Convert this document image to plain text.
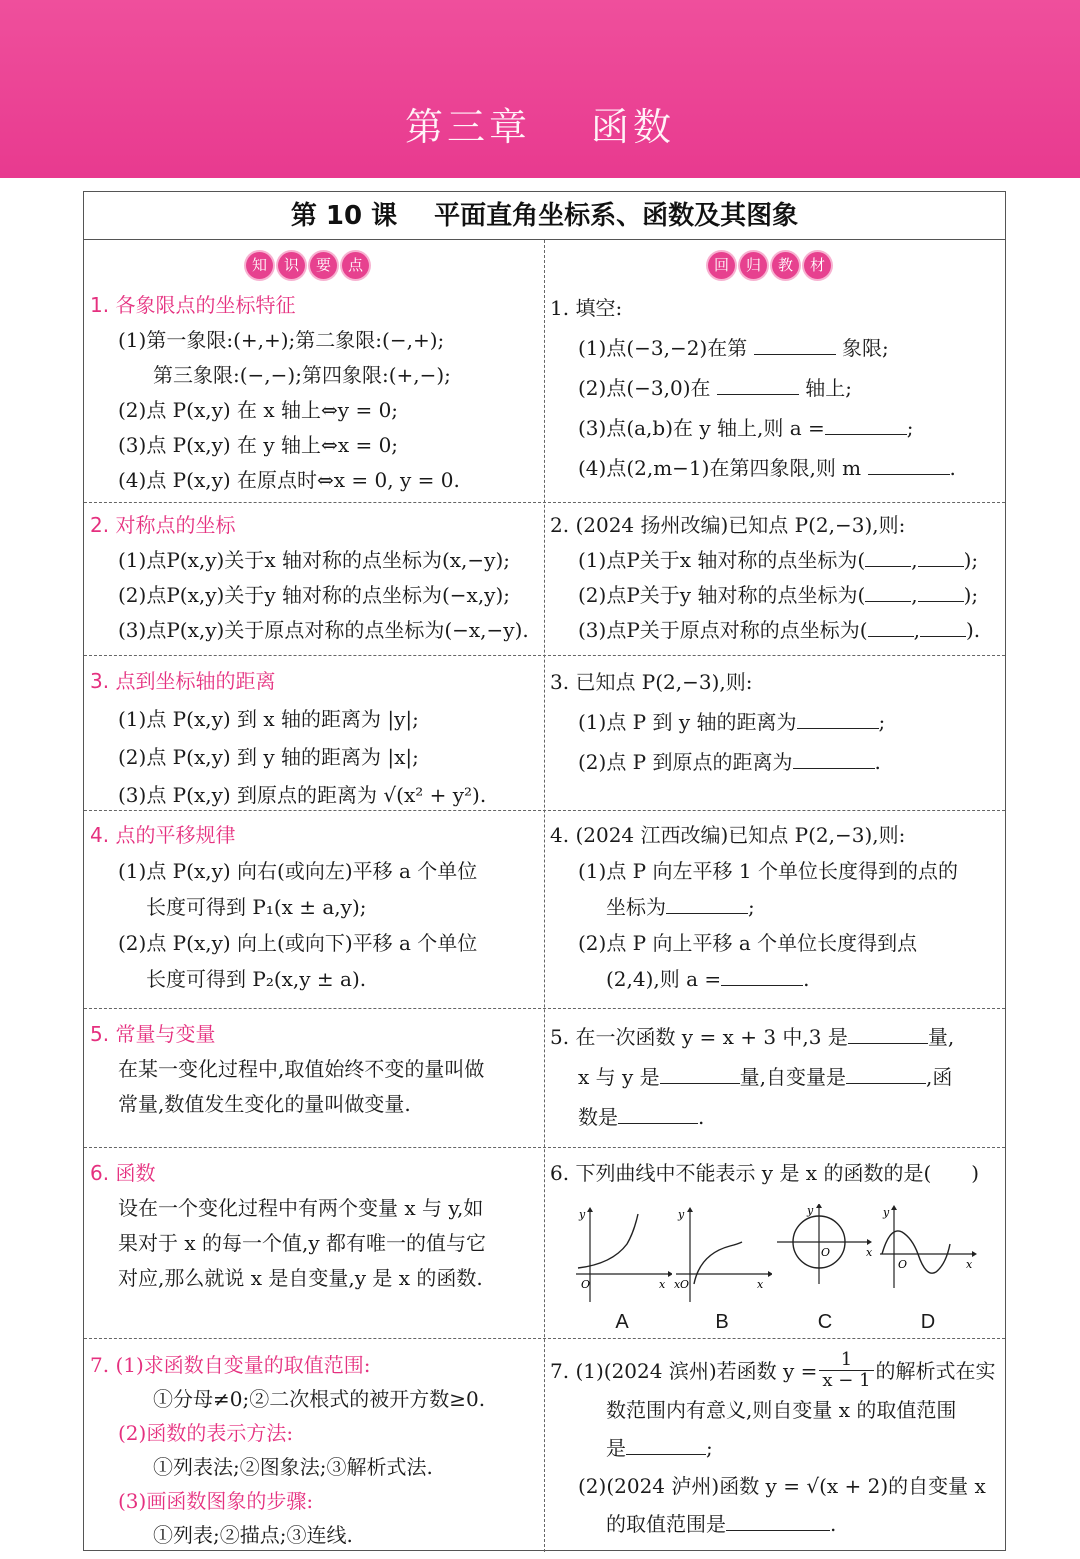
第三章 函数
第 10 课 平面直角坐标系、函数及其图象
知	识	要	点	回	归	教	材
1. 各象限点的坐标特征
(1)第一象限:(+,+);第二象限:(−,+);
第三象限:(−,−);第四象限:(+,−);
(2)点 P(x,y) 在 x 轴上⇔y = 0;
(3)点 P(x,y) 在 y 轴上⇔x = 0;
(4)点 P(x,y) 在原点时⇔x = 0, y = 0.
1. 填空:
(1)点(−3,−2)在第	象限;
(2)点(−3,0)在	轴上;
(3)点(a,b)在 y 轴上,则 a =	;
(4)点(2,m−1)在第四象限,则 m	.
2. 对称点的坐标
(1)点P(x,y)关于x 轴对称的点坐标为(x,−y);
(2)点P(x,y)关于y 轴对称的点坐标为(−x,y);
(3)点P(x,y)关于原点对称的点坐标为(−x,−y).
2. (2024 扬州改编)已知点 P(2,−3),则:
(1)点P关于x 轴对称的点坐标为( , );
(2)点P关于y 轴对称的点坐标为( , );
(3)点P关于原点对称的点坐标为( , ).
3. 点到坐标轴的距离
(1)点 P(x,y) 到 x 轴的距离为 |y|;
(2)点 P(x,y) 到 y 轴的距离为 |x|;
(3)点 P(x,y) 到原点的距离为 √(x² + y²).
3. 已知点 P(2,−3),则:
(1)点 P 到 y 轴的距离为	;
(2)点 P 到原点的距离为	.
4. 点的平移规律
(1)点 P(x,y) 向右(或向左)平移 a 个单位
长度可得到 P₁(x ± a,y);
(2)点 P(x,y) 向上(或向下)平移 a 个单位
长度可得到 P₂(x,y ± a).
4. (2024 江西改编)已知点 P(2,−3),则:
(1)点 P 向左平移 1 个单位长度得到的点的
坐标为	;
(2)点 P 向上平移 a 个单位长度得到点
(2,4),则 a =	.
5. 常量与变量
在某一变化过程中,取值始终不变的量叫做
常量,数值发生变化的量叫做变量.
5. 在一次函数 y = x + 3 中,3 是	量,
x 与 y 是	量,自变量是	,函
数是	.
6. 函数
设在一个变化过程中有两个变量 x 与 y,如
果对于 x 的每一个值,y 都有唯一的值与它
对应,那么就说 x 是自变量,y 是 x 的函数.
6. 下列曲线中不能表示 y 是 x 的函数的是(　　)
y
O	x
A
y
x O	x
B
y
O	x
C
y
O	x
D
7. (1)求函数自变量的取值范围:
①分母≠0;②二次根式的被开方数≥0.
(2)函数的表示方法:
①列表法;②图象法;③解析式法.
(3)画函数图象的步骤:
①列表;②描点;③连线.
7. (1)(2024 滨州)若函数 $y = \frac{1}{x - 1}$ 的解析式在实
数范围内有意义,则自变量 x 的取值范围
是	;
(2)(2024 泸州)函数 y = √(x + 2)的自变量 x
的取值范围是	.
